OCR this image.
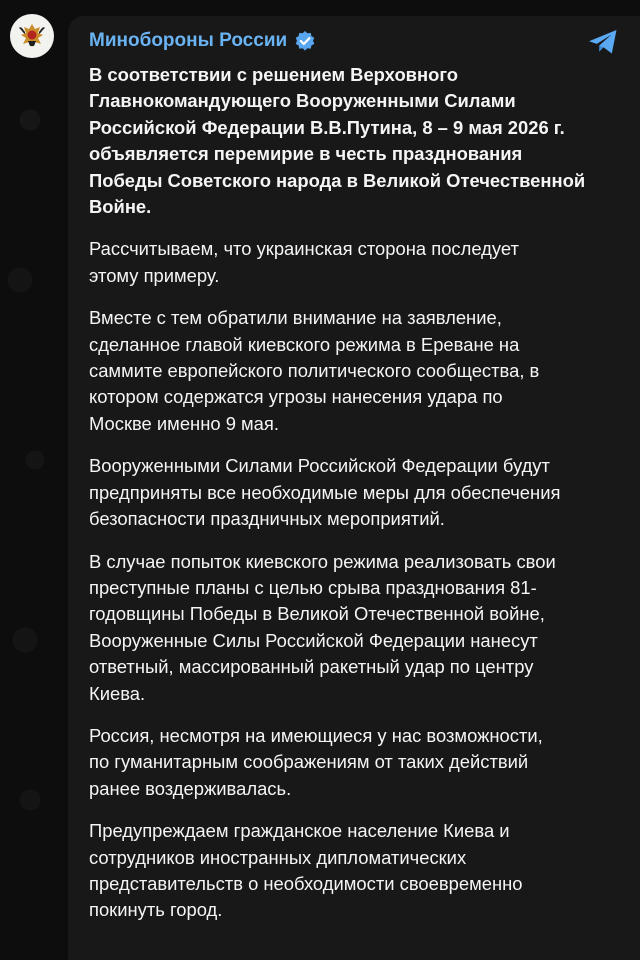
Минобороны России

В соответствии с решением Верховного
Главнокомандующего Вооруженными Силами
Российской Федерации В.В.Путина, 8 – 9 мая 2026 г.
объявляется перемирие в честь празднования
Победы Советского народа в Великой Отечественной
Войне.

Рассчитываем, что украинская сторона последует
этому примеру.

Вместе с тем обратили внимание на заявление,
сделанное главой киевского режима в Ереване на
саммите европейского политического сообщества, в
котором содержатся угрозы нанесения удара по
Москве именно 9 мая.

Вооруженными Силами Российской Федерации будут
предприняты все необходимые меры для обеспечения
безопасности праздничных мероприятий.

В случае попыток киевского режима реализовать свои
преступные планы с целью срыва празднования 81-
годовщины Победы в Великой Отечественной войне,
Вооруженные Силы Российской Федерации нанесут
ответный, массированный ракетный удар по центру
Киева.

Россия, несмотря на имеющиеся у нас возможности,
по гуманитарным соображениям от таких действий
ранее воздерживалась.

Предупреждаем гражданское население Киева и
сотрудников иностранных дипломатических
представительств о необходимости своевременно
покинуть город.
